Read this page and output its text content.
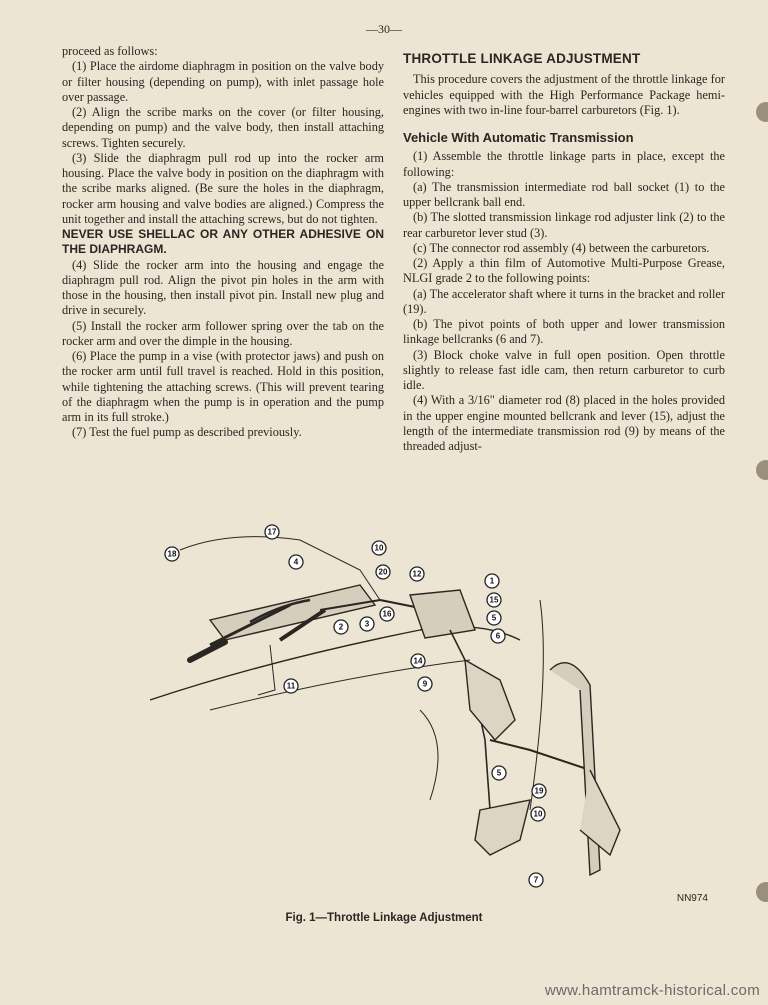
—30—

proceed as follows:

(1) Place the airdome diaphragm in position on the valve body or filter housing (depending on pump), with inlet passage hole over passage.

(2) Align the scribe marks on the cover (or filter housing, depending on pump) and the valve body, then install attaching screws. Tighten securely.

(3) Slide the diaphragm pull rod up into the rocker arm housing. Place the valve body in position on the diaphragm with the scribe marks aligned. (Be sure the holes in the diaphragm, rocker arm housing and valve bodies are aligned.) Compress the unit together and install the attaching screws, but do not tighten.

NEVER USE SHELLAC OR ANY OTHER ADHESIVE ON THE DIAPHRAGM.

(4) Slide the rocker arm into the housing and engage the diaphragm pull rod. Align the pivot pin holes in the arm with those in the housing, then install pivot pin. Install new plug and drive in securely.

(5) Install the rocker arm follower spring over the tab on the rocker arm and over the dimple in the housing.

(6) Place the pump in a vise (with protector jaws) and push on the rocker arm until full travel is reached. Hold in this position, while tightening the attaching screws. (This will prevent tearing of the diaphragm when the pump is in operation and the pump arm in its full stroke.)

(7) Test the fuel pump as described previously.

THROTTLE LINKAGE ADJUSTMENT

This procedure covers the adjustment of the throttle linkage for vehicles equipped with the High Performance Package hemi-engines with two in-line four-barrel carburetors (Fig. 1).

Vehicle With Automatic Transmission

(1) Assemble the throttle linkage parts in place, except the following:

(a) The transmission intermediate rod ball socket (1) to the upper bellcrank ball end.

(b) The slotted transmission linkage rod adjuster link (2) to the rear carburetor lever stud (3).

(c) The connector rod assembly (4) between the carburetors.

(2) Apply a thin film of Automotive Multi-Purpose Grease, NLGI grade 2 to the following points:

(a) The accelerator shaft where it turns in the bracket and roller (19).

(b) The pivot points of both upper and lower transmission linkage bellcranks (6 and 7).

(3) Block choke valve in full open position. Open throttle slightly to release fast idle cam, then return carburetor to curb idle.

(4) With a 3/16" diameter rod (8) placed in the holes provided in the upper engine mounted bellcrank and lever (15), adjust the length of the intermediate transmission rod (9) by means of the threaded adjust-

18
17
4
10
20	12
1
15
16
3
2
5
6
14
9
11
5
19
10
7
NN974
Fig. 1—Throttle Linkage Adjustment
www.hamtramck-historical.com
